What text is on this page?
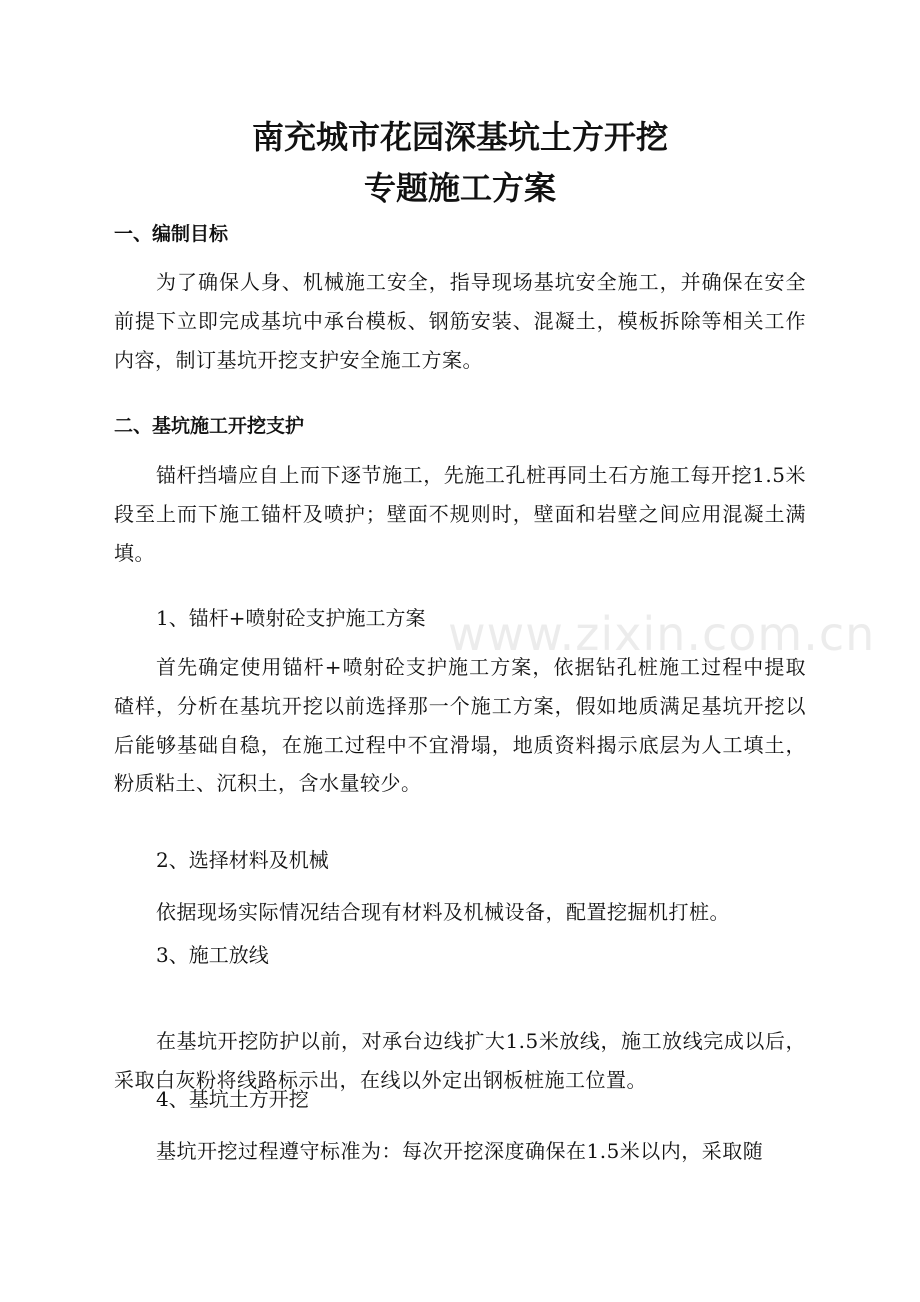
南充城市花园深基坑土方开挖
专题施工方案
一、编制目标

为了确保人身、机械施工安全，指导现场基坑安全施工，并确保在安全前提下立即完成基坑中承台模板、钢筋安装、混凝土，模板拆除等相关工作内容，制订基坑开挖支护安全施工方案。

二、基坑施工开挖支护

锚杆挡墙应自上而下逐节施工，先施工孔桩再同土石方施工每开挖1.5米段至上而下施工锚杆及喷护；壁面不规则时，壁面和岩壁之间应用混凝土满填。

1、锚杆+喷射砼支护施工方案

首先确定使用锚杆+喷射砼支护施工方案，依据钻孔桩施工过程中提取碴样，分析在基坑开挖以前选择那一个施工方案，假如地质满足基坑开挖以后能够基础自稳，在施工过程中不宜滑塌，地质资料揭示底层为人工填土，粉质粘土、沉积土，含水量较少。

2、选择材料及机械

依据现场实际情况结合现有材料及机械设备，配置挖掘机打桩。

3、施工放线

在基坑开挖防护以前，对承台边线扩大1.5米放线，施工放线完成以后，采取白灰粉将线路标示出，在线以外定出钢板桩施工位置。

4、基坑土方开挖

基坑开挖过程遵守标准为：每次开挖深度确保在1.5米以内，采取随

www.zixin.com.cn
